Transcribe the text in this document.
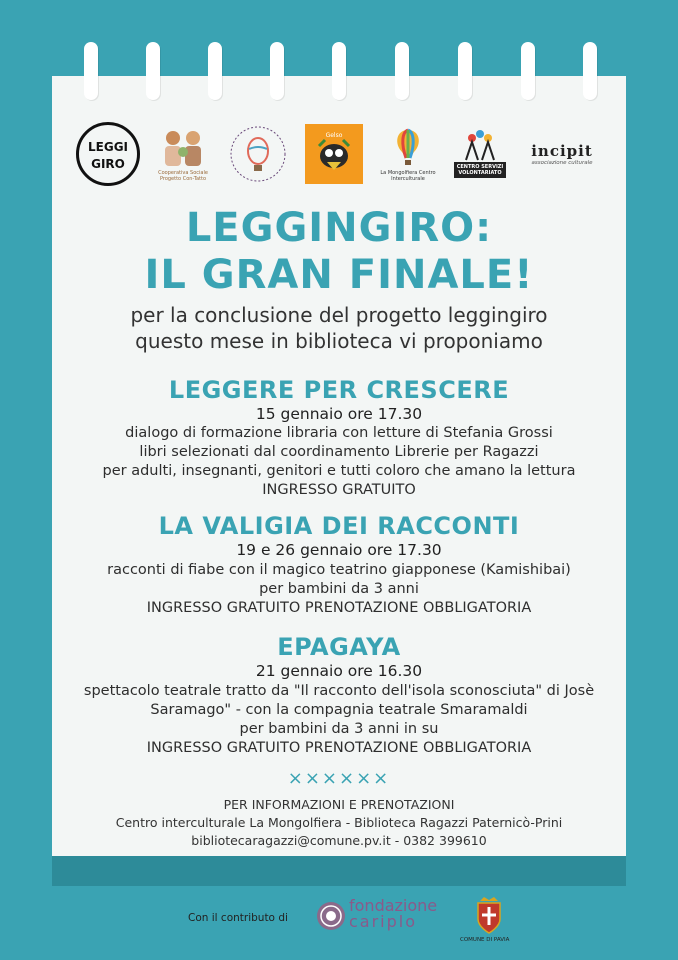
LEGGI
GIRO
Cooperativa Sociale Progetto Con-Tatto
Gelso
La Mongolfiera Centro Interculturale
CENTRO SERVIZI VOLONTARIATO
incipit
associazione culturale
LEGGINGIRO:
IL GRAN FINALE!
per la conclusione del progetto leggingiro
questo mese in biblioteca vi proponiamo
LEGGERE PER CRESCERE
15 gennaio ore 17.30
dialogo di formazione libraria con letture di Stefania Grossi
libri selezionati dal coordinamento Librerie per Ragazzi
per adulti, insegnanti, genitori e tutti coloro che amano la lettura
INGRESSO GRATUITO
LA VALIGIA DEI RACCONTI
19 e 26 gennaio ore 17.30
racconti di fiabe con il magico teatrino giapponese (Kamishibai)
per bambini da 3 anni
INGRESSO GRATUITO PRENOTAZIONE OBBLIGATORIA
EPAGAYA
21 gennaio ore 16.30
spettacolo teatrale tratto da "Il racconto dell'isola sconosciuta" di Josè
Saramago" - con la compagnia teatrale Smaramaldi
per bambini da 3 anni in su
INGRESSO GRATUITO PRENOTAZIONE OBBLIGATORIA
××××××
PER INFORMAZIONI E PRENOTAZIONI
Centro interculturale La Mongolfiera - Biblioteca Ragazzi Paternicò-Prini
bibliotecaragazzi@comune.pv.it - 0382 399610
Con il contributo di
fondazione
cariplo
COMUNE DI PAVIA
